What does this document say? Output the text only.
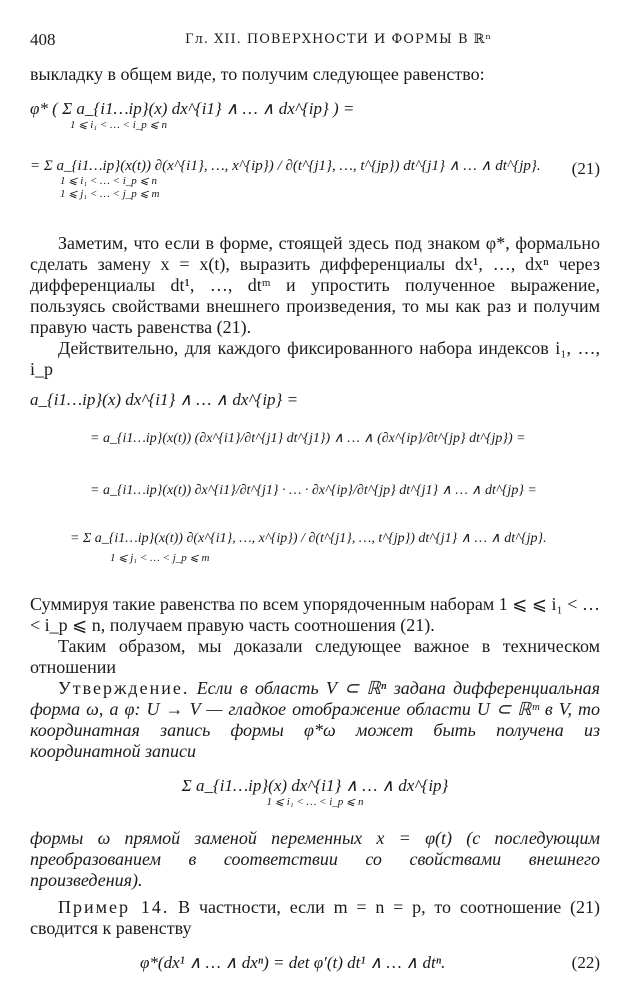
408	Гл. XII. ПОВЕРХНОСТИ И ФОРМЫ В ℝⁿ

выкладку в общем виде, то получим следующее равенство:

φ* ( Σ a_{i1…ip}(x) dx^{i1} ∧ … ∧ dx^{ip} ) =
1 ⩽ i₁ < … < i_p ⩽ n
= Σ a_{i1…ip}(x(t)) ∂(x^{i1}, …, x^{ip}) / ∂(t^{j1}, …, t^{jp}) dt^{j1} ∧ … ∧ dt^{jp}.
1 ⩽ i₁ < … < i_p ⩽ n
1 ⩽ j₁ < … < j_p ⩽ m
(21)

Заметим, что если в форме, стоящей здесь под знаком φ*, формально сделать замену x = x(t), выразить дифференциалы dx¹, …, dxⁿ через дифференциалы dt¹, …, dtᵐ и упростить полученное выражение, пользуясь свойствами внешнего произведения, то мы как раз и получим правую часть равенства (21).

Действительно, для каждого фиксированного набора индексов i₁, …, i_p

a_{i1…ip}(x) dx^{i1} ∧ … ∧ dx^{ip} =
= a_{i1…ip}(x(t)) (∂x^{i1}/∂t^{j1} dt^{j1}) ∧ … ∧ (∂x^{ip}/∂t^{jp} dt^{jp}) =
= a_{i1…ip}(x(t)) ∂x^{i1}/∂t^{j1} · … · ∂x^{ip}/∂t^{jp} dt^{j1} ∧ … ∧ dt^{jp} =
= Σ a_{i1…ip}(x(t)) ∂(x^{i1}, …, x^{ip}) / ∂(t^{j1}, …, t^{jp}) dt^{j1} ∧ … ∧ dt^{jp}.
1 ⩽ j₁ < … < j_p ⩽ m

Суммируя такие равенства по всем упорядоченным наборам 1 ⩽ ⩽ i₁ < … < i_p ⩽ n, получаем правую часть соотношения (21).

Таким образом, мы доказали следующее важное в техническом отношении

Утверждение. Если в область V ⊂ ℝⁿ задана дифференциальная форма ω, а φ: U → V — гладкое отображение области U ⊂ ℝᵐ в V, то координатная запись формы φ*ω может быть получена из координатной записи

Σ a_{i1…ip}(x) dx^{i1} ∧ … ∧ dx^{ip}
1 ⩽ i₁ < … < i_p ⩽ n

формы ω прямой заменой переменных x = φ(t) (с последующим преобразованием в соответствии со свойствами внешнего произведения).

Пример 14. В частности, если m = n = p, то соотношение (21) сводится к равенству

φ*(dx¹ ∧ … ∧ dxⁿ) = det φ′(t) dt¹ ∧ … ∧ dtⁿ.	(22)
